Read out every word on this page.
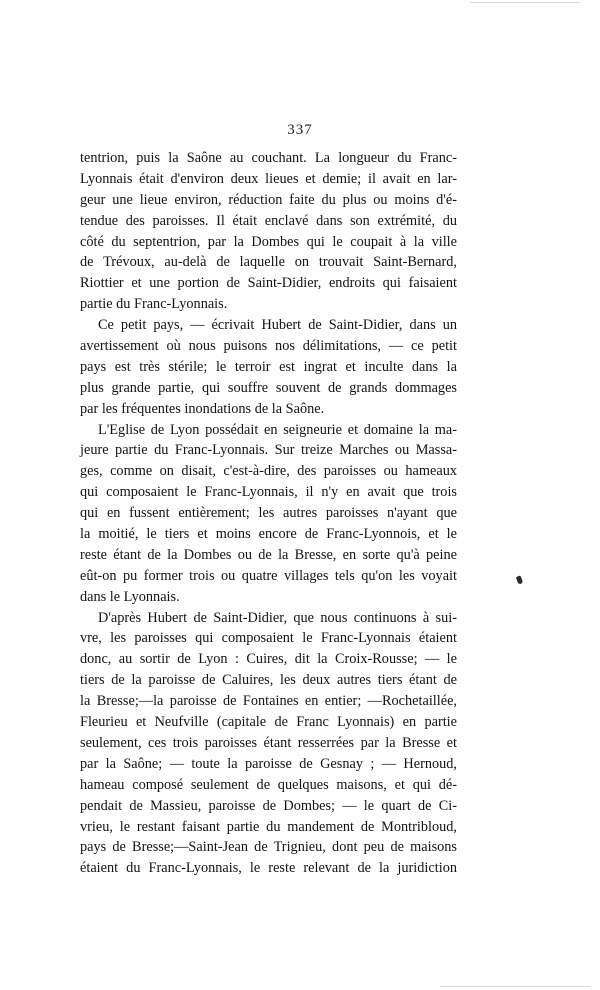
337
tentrion, puis la Saône au couchant. La longueur du Franc-
Lyonnais était d'environ deux lieues et demie; il avait en lar-
geur une lieue environ, réduction faite du plus ou moins d'é-
tendue des paroisses. Il était enclavé dans son extrémité, du
côté du septentrion, par la Dombes qui le coupait à la ville
de Trévoux, au-delà de laquelle on trouvait Saint-Bernard,
Riottier et une portion de Saint-Didier, endroits qui faisaient
partie du Franc-Lyonnais.
Ce petit pays, — écrivait Hubert de Saint-Didier, dans un
avertissement où nous puisons nos délimitations, — ce petit
pays est très stérile; le terroir est ingrat et inculte dans la
plus grande partie, qui souffre souvent de grands dommages
par les fréquentes inondations de la Saône.
L'Eglise de Lyon possédait en seigneurie et domaine la ma-
jeure partie du Franc-Lyonnais. Sur treize Marches ou Massa-
ges, comme on disait, c'est-à-dire, des paroisses ou hameaux
qui composaient le Franc-Lyonnais, il n'y en avait que trois
qui en fussent entièrement; les autres paroisses n'ayant que
la moitié, le tiers et moins encore de Franc-Lyonnois, et le
reste étant de la Dombes ou de la Bresse, en sorte qu'à peine
eût-on pu former trois ou quatre villages tels qu'on les voyait
dans le Lyonnais.
D'après Hubert de Saint-Didier, que nous continuons à sui-
vre, les paroisses qui composaient le Franc-Lyonnais étaient
donc, au sortir de Lyon : Cuires, dit la Croix-Rousse; — le
tiers de la paroisse de Caluires, les deux autres tiers étant de
la Bresse;—la paroisse de Fontaines en entier; —Rochetaillée,
Fleurieu et Neufville (capitale de Franc Lyonnais) en partie
seulement, ces trois paroisses étant resserrées par la Bresse et
par la Saône; — toute la paroisse de Gesnay ; — Hernoud,
hameau composé seulement de quelques maisons, et qui dé-
pendait de Massieu, paroisse de Dombes; — le quart de Ci-
vrieu, le restant faisant partie du mandement de Montribloud,
pays de Bresse;—Saint-Jean de Trignieu, dont peu de maisons
étaient du Franc-Lyonnais, le reste relevant de la juridiction
